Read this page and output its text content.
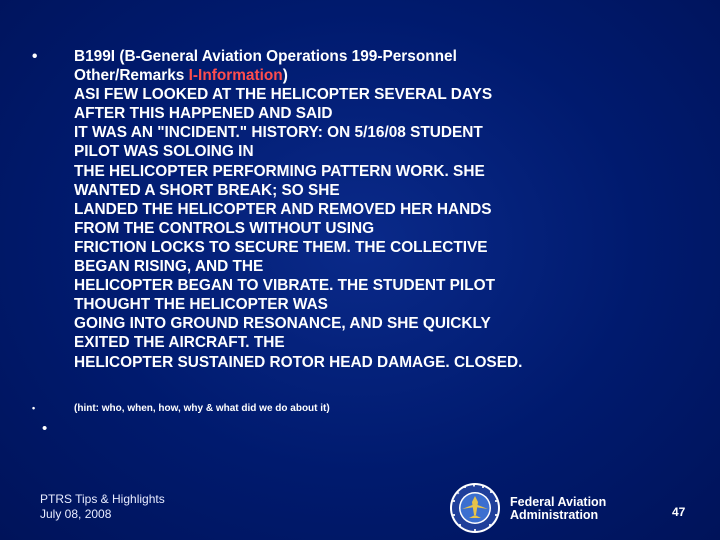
• B199I (B-General Aviation Operations 199-Personnel
Other/Remarks I-Information)
ASI FEW LOOKED AT THE HELICOPTER SEVERAL DAYS
AFTER THIS HAPPENED AND SAID
IT WAS AN "INCIDENT." HISTORY: ON 5/16/08 STUDENT
PILOT WAS SOLOING IN
THE HELICOPTER PERFORMING PATTERN WORK. SHE
WANTED A SHORT BREAK; SO SHE
LANDED THE HELICOPTER AND REMOVED HER HANDS
FROM THE CONTROLS WITHOUT USING
FRICTION LOCKS TO SECURE THEM. THE COLLECTIVE
BEGAN RISING, AND THE
HELICOPTER BEGAN TO VIBRATE. THE STUDENT PILOT
THOUGHT THE HELICOPTER WAS
GOING INTO GROUND RESONANCE, AND SHE QUICKLY
EXITED THE AIRCRAFT. THE
HELICOPTER SUSTAINED ROTOR HEAD DAMAGE. CLOSED.
•	(hint: who, when, how, why & what did we do about it)
•
PTRS Tips & Highlights
July 08, 2008
Federal Aviation
Administration	47
